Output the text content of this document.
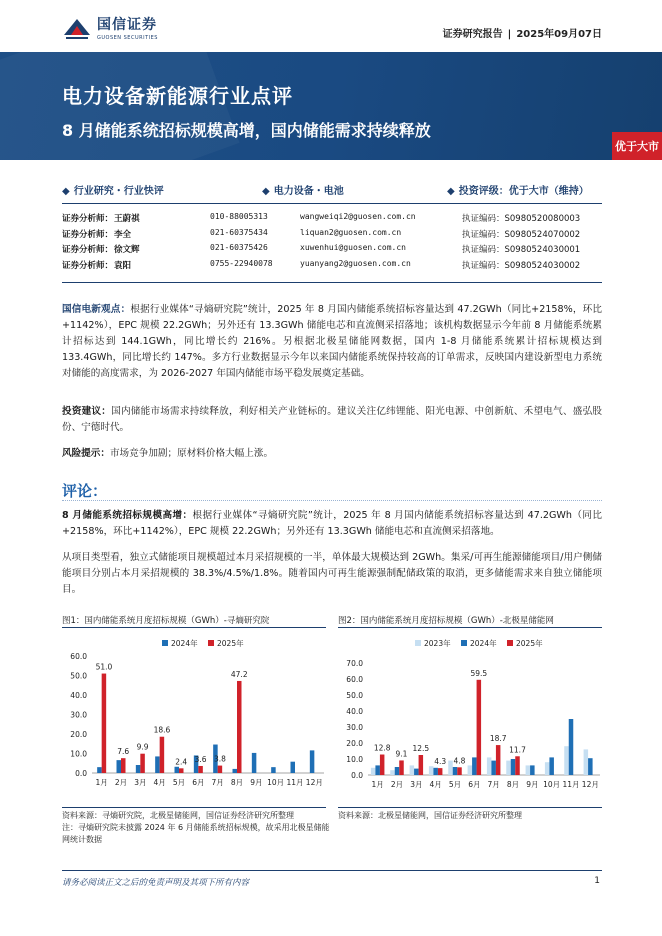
国信证券
GUOSEN SECURITIES	证券研究报告 | 2025年09月07日
电力设备新能源行业点评
8 月储能系统招标规模高增，国内储能需求持续释放
优于大市
◆ 行业研究・行业快评	◆ 电力设备・电池	◆ 投资评级：优于大市（维持）
证券分析师： 王蔚祺	010-88005313	wangweiqi2@guosen.com.cn	执证编码：S0980520080003
证券分析师： 李全	021-60375434	liquan2@guosen.com.cn	执证编码：S0980524070002
证券分析师： 徐文辉	021-60375426	xuwenhui@guosen.com.cn	执证编码：S0980524030001
证券分析师： 袁阳	0755-22940078	yuanyang2@guosen.com.cn	执证编码：S0980524030002
国信电新观点：根据行业媒体“寻熵研究院”统计，2025 年 8 月国内储能系统招标容量达到 47.2GWh（同比+2158%，环比+1142%），EPC 规模 22.2GWh；另外还有 13.3GWh 储能电芯和直流侧采招落地；该机构数据显示今年前 8 月储能系统累计招标达到 144.1GWh，同比增长约 216%。另根据北极星储能网数据，国内 1-8 月储能系统累计招标规模达到 133.4GWh，同比增长约 147%。多方行业数据显示今年以来国内储能系统保持较高的订单需求，反映国内建设新型电力系统对储能的高度需求，为 2026-2027 年国内储能市场平稳发展奠定基础。
投资建议：国内储能市场需求持续释放，利好相关产业链标的。建议关注亿纬锂能、阳光电源、中创新航、禾望电气、盛弘股份、宁德时代。
风险提示：市场竞争加剧；原材料价格大幅上涨。
评论：
8 月储能系统招标规模高增：根据行业媒体“寻熵研究院”统计，2025 年 8 月国内储能系统招标容量达到 47.2GWh（同比+2158%，环比+1142%），EPC 规模 22.2GWh；另外还有 13.3GWh 储能电芯和直流侧采招落地。
从项目类型看，独立式储能项目规模超过本月采招规模的一半，单体最大规模达到 2GWh。集采/可再生能源储能项目/用户侧储能项目分别占本月采招规模的 38.3%/4.5%/1.8%。随着国内可再生能源强制配储政策的取消，更多储能需求来自独立储能项目。
图1：国内储能系统月度招标规模（GWh）-寻熵研究院
0.0
10.0
20.0
30.0
40.0
50.0
60.0
1月 2月 3月 4月 5月 6月 7月 8月 9月 10月 11月 12月
51.0
7.6 9.9
18.6
2.4 3.6 3.8
47.2
2024年	2025年
资料来源：寻熵研究院，北极星储能网，国信证券经济研究所整理
注：寻熵研究院未披露 2024 年 6 月储能系统招标规模，故采用北极星储能网统计数据
图2：国内储能系统月度招标规模（GWh）-北极星储能网
0.0
10.0
20.0
30.0
40.0
50.0
60.0
70.0
1月 2月 3月 4月 5月 6月 7月 8月 9月 10月 11月 12月
12.8
9.1
12.5
4.3 4.8
59.5
18.7
11.7
2023年	2024年	2025年
资料来源：北极星储能网，国信证券经济研究所整理
请务必阅读正文之后的免责声明及其项下所有内容	1
